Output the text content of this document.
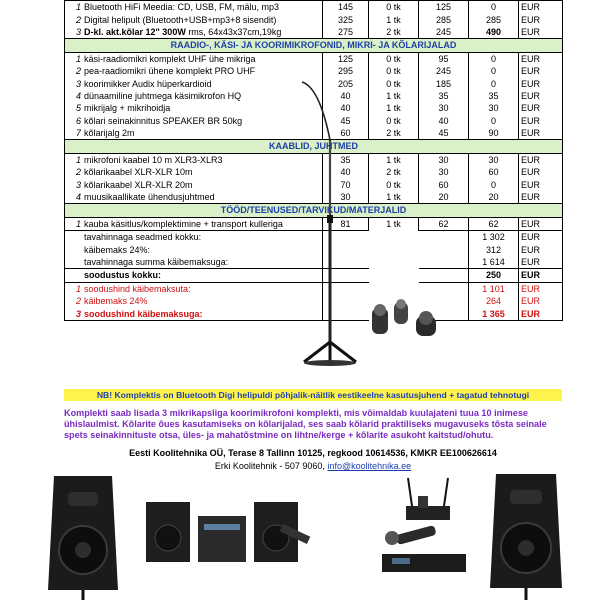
1 Bluetooth HiFi Meedia: CD, USB, FM, mälu, mp3	145	0 tk	125	0	EUR
2 Digital helipult (Bluetooth+USB+mp3+8 sisendit)	325	1 tk	285	285	EUR
3 D-kl. akt.kõlar 12" 300W rms, 64x43x37cm,19kg	275	2 tk	245	490	EUR
RAADIO-, KÄSI- JA KOORIMIKROFONID, MIKRI- JA KÕLARIJALAD					
1 käsi-raadiomikri komplekt UHF ühe mikriga	125	0 tk	95	0	EUR
2 pea-raadiomikri ühene komplekt PRO UHF	295	0 tk	245	0	EUR
3 koorimikker Audix hüperkardioid	205	0 tk	185	0	EUR
4 dünaamiline juhtmega käsimikrofon HQ	40	1 tk	35	35	EUR
5 mikrijalg + mikrihoidja	40	1 tk	30	30	EUR
6 kõlari seinakinnitus SPEAKER BR 50kg	45	0 tk	40	0	EUR
7 kõlarijalg 2m	60	2 tk	45	90	EUR
KAABLID, JUHTMED					
1 mikrofoni kaabel 10 m XLR3-XLR3	35	1 tk	30	30	EUR
2 kõlarikaabel XLR-XLR 10m	40	2 tk	30	60	EUR
3 kõlarikaabel XLR-XLR 20m	70	0 tk	60	0	EUR
4 muusikaallikate ühendusjuhtmed	30	1 tk	20	20	EUR
TÖÖD/TEENUSED/TARVIKUD/MATERJALID					
1 kauba käsitlus/komplektimine + transport kulleriga	81	1 tk	62	62	EUR
tavahinnaga seadmed kokku:				1 302	EUR
käibemaks 24%:				312	EUR
tavahinnaga summa käibemaksuga:				1 614	EUR
soodustus kokku:				250	EUR
1 soodushind käibemaksuta:				1 101	EUR
2 käibemaks 24%				264	EUR
3 soodushind käibemaksuga:				1 365	EUR
NB! Komplektis on Bluetooth Digi helipuldi põhjalik-näitlik eestikeelne kasutusjuhend + tagatud tehnotugi
Komplekti saab lisada 3 mikrikapsliga koorimikrofoni komplekti, mis võimaldab kuulajateni tuua 10 inimese ühislaulmist. Kõlarite õues kasutamiseks on kõlarijalad, ses saab kõlarid praktiliseks mugavuseks tõsta seinale spets seinakinnituste otsa, üles- ja mahatõstmine on lihtne/kerge + kõlarite asukoht kaitstud/ohutu.
Eesti Koolitehnika OÜ, Terase 8 Tallinn 10125, regkood 10614536, KMKR EE100626614
Erki Koolitehnik - 507 9060, info@koolitehnika.ee
